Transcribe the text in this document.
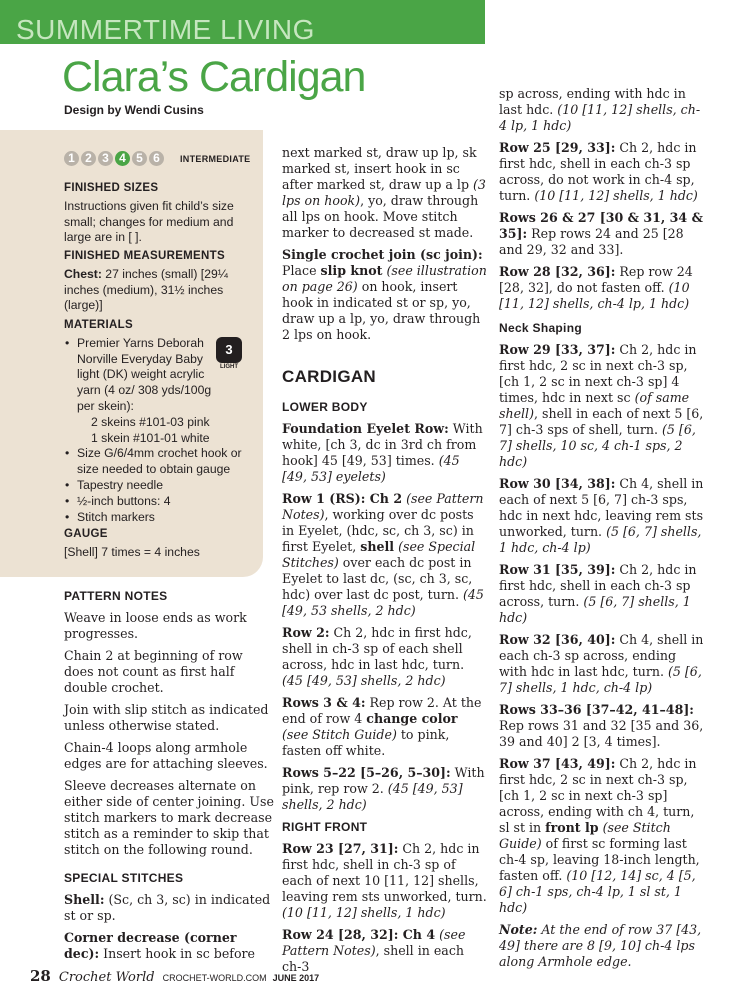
SUMMERTIME LIVING
Clara’s Cardigan
Design by Wendi Cusins
1 2 3 4 5 6	INTERMEDIATE
FINISHED SIZES

Instructions given fit child’s size small; changes for medium and large are in [ ].

FINISHED MEASUREMENTS

Chest: 27 inches (small) [29¼ inches (medium), 31½ inches (large)]

MATERIALS
• Premier Yarns Deborah Norville Everyday Baby light (DK) weight acrylic yarn (4 oz/ 308 yds/100g per skein):
2 skeins #101-03 pink
1 skein #101-01 white
• Size G/6/4mm crochet hook or size needed to obtain gauge
• Tapestry needle
• ½-inch buttons: 4
• Stitch markers
3
LIGHT
GAUGE

[Shell] 7 times = 4 inches

PATTERN NOTES

Weave in loose ends as work progresses.

Chain 2 at beginning of row does not count as first half double crochet.

Join with slip stitch as indicated unless otherwise stated.

Chain-4 loops along armhole edges are for attaching sleeves.

Sleeve decreases alternate on either side of center joining. Use stitch markers to mark decrease stitch as a reminder to skip that stitch on the following round.

SPECIAL STITCHES

Shell: (Sc, ch 3, sc) in indicated st or sp.

Corner decrease (corner dec): Insert hook in sc before

next marked st, draw up lp, sk marked st, insert hook in sc after marked st, draw up a lp (3 lps on hook), yo, draw through all lps on hook. Move stitch marker to decreased st made.

Single crochet join (sc join): Place slip knot (see illustration on page 26) on hook, insert hook in indicated st or sp, yo, draw up a lp, yo, draw through 2 lps on hook.

CARDIGAN
LOWER BODY

Foundation Eyelet Row: With white, [ch 3, dc in 3rd ch from hook] 45 [49, 53] times. (45 [49, 53] eyelets)

Row 1 (RS): Ch 2 (see Pattern Notes), working over dc posts in Eyelet, (hdc, sc, ch 3, sc) in first Eyelet, shell (see Special Stitches) over each dc post in Eyelet to last dc, (sc, ch 3, sc, hdc) over last dc post, turn. (45 [49, 53 shells, 2 hdc)

Row 2: Ch 2, hdc in first hdc, shell in ch-3 sp of each shell across, hdc in last hdc, turn. (45 [49, 53] shells, 2 hdc)

Rows 3 & 4: Rep row 2. At the end of row 4 change color (see Stitch Guide) to pink, fasten off white.

Rows 5–22 [5–26, 5–30]: With pink, rep row 2. (45 [49, 53] shells, 2 hdc)

RIGHT FRONT

Row 23 [27, 31]: Ch 2, hdc in first hdc, shell in ch-3 sp of each of next 10 [11, 12] shells, leaving rem sts unworked, turn. (10 [11, 12] shells, 1 hdc)

Row 24 [28, 32]: Ch 4 (see Pattern Notes), shell in each ch-3

sp across, ending with hdc in last hdc. (10 [11, 12] shells, ch-4 lp, 1 hdc)

Row 25 [29, 33]: Ch 2, hdc in first hdc, shell in each ch-3 sp across, do not work in ch-4 sp, turn. (10 [11, 12] shells, 1 hdc)

Rows 26 & 27 [30 & 31, 34 & 35]: Rep rows 24 and 25 [28 and 29, 32 and 33].

Row 28 [32, 36]: Rep row 24 [28, 32], do not fasten off. (10 [11, 12] shells, ch-4 lp, 1 hdc)

Neck Shaping

Row 29 [33, 37]: Ch 2, hdc in first hdc, 2 sc in next ch-3 sp, [ch 1, 2 sc in next ch-3 sp] 4 times, hdc in next sc (of same shell), shell in each of next 5 [6, 7] ch-3 sps of shell, turn. (5 [6, 7] shells, 10 sc, 4 ch-1 sps, 2 hdc)

Row 30 [34, 38]: Ch 4, shell in each of next 5 [6, 7] ch-3 sps, hdc in next hdc, leaving rem sts unworked, turn. (5 [6, 7] shells, 1 hdc, ch-4 lp)

Row 31 [35, 39]: Ch 2, hdc in first hdc, shell in each ch-3 sp across, turn. (5 [6, 7] shells, 1 hdc)

Row 32 [36, 40]: Ch 4, shell in each ch-3 sp across, ending with hdc in last hdc, turn. (5 [6, 7] shells, 1 hdc, ch-4 lp)

Rows 33–36 [37–42, 41–48]: Rep rows 31 and 32 [35 and 36, 39 and 40] 2 [3, 4 times].

Row 37 [43, 49]: Ch 2, hdc in first hdc, 2 sc in next ch-3 sp, [ch 1, 2 sc in next ch-3 sp] across, ending with ch 4, turn, sl st in front lp (see Stitch Guide) of first sc forming last ch-4 sp, leaving 18-inch length, fasten off. (10 [12, 14] sc, 4 [5, 6] ch-1 sps, ch-4 lp, 1 sl st, 1 hdc)

Note: At the end of row 37 [43, 49] there are 8 [9, 10] ch-4 lps along Armhole edge.

28 Crochet World CROCHET-WORLD.COM JUNE 2017
